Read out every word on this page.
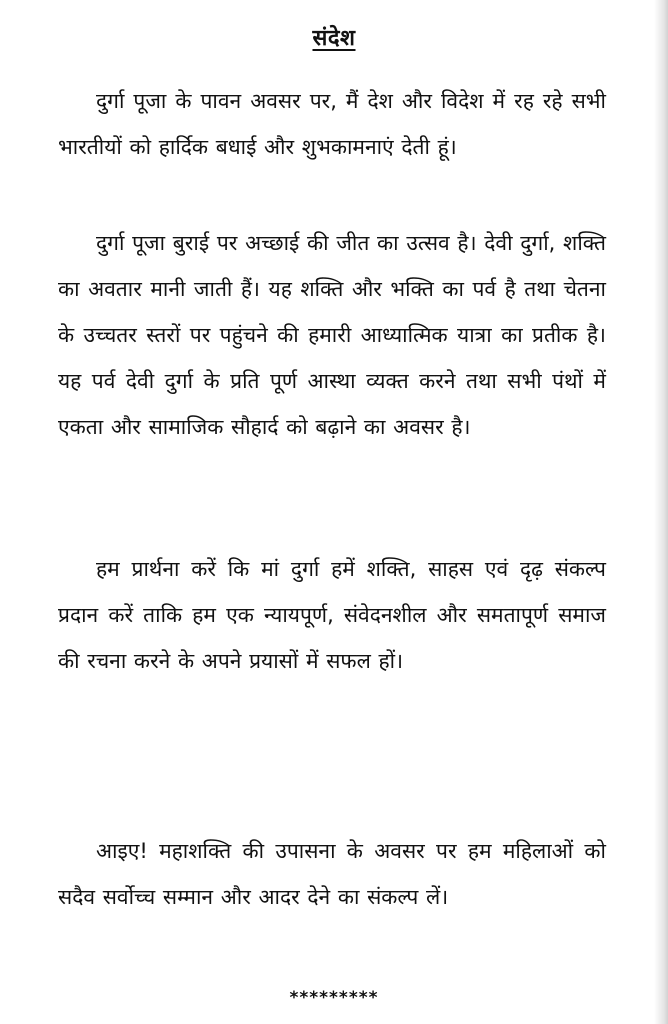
संदेश

दुर्गा पूजा के पावन अवसर पर, मैं देश और विदेश में रह रहे सभी भारतीयों को हार्दिक बधाई और शुभकामनाएं देती हूं।

दुर्गा पूजा बुराई पर अच्छाई की जीत का उत्सव है। देवी दुर्गा, शक्ति का अवतार मानी जाती हैं। यह शक्ति और भक्ति का पर्व है तथा चेतना के उच्चतर स्तरों पर पहुंचने की हमारी आध्यात्मिक यात्रा का प्रतीक है। यह पर्व देवी दुर्गा के प्रति पूर्ण आस्था व्यक्त करने तथा सभी पंथों में एकता और सामाजिक सौहार्द को बढ़ाने का अवसर है।

हम प्रार्थना करें कि मां दुर्गा हमें शक्ति, साहस एवं दृढ़ संकल्प प्रदान करें ताकि हम एक न्यायपूर्ण, संवेदनशील और समतापूर्ण समाज की रचना करने के अपने प्रयासों में सफल हों।

आइए! महाशक्ति की उपासना के अवसर पर हम महिलाओं को सदैव सर्वोच्च सम्मान और आदर देने का संकल्प लें।

*********
